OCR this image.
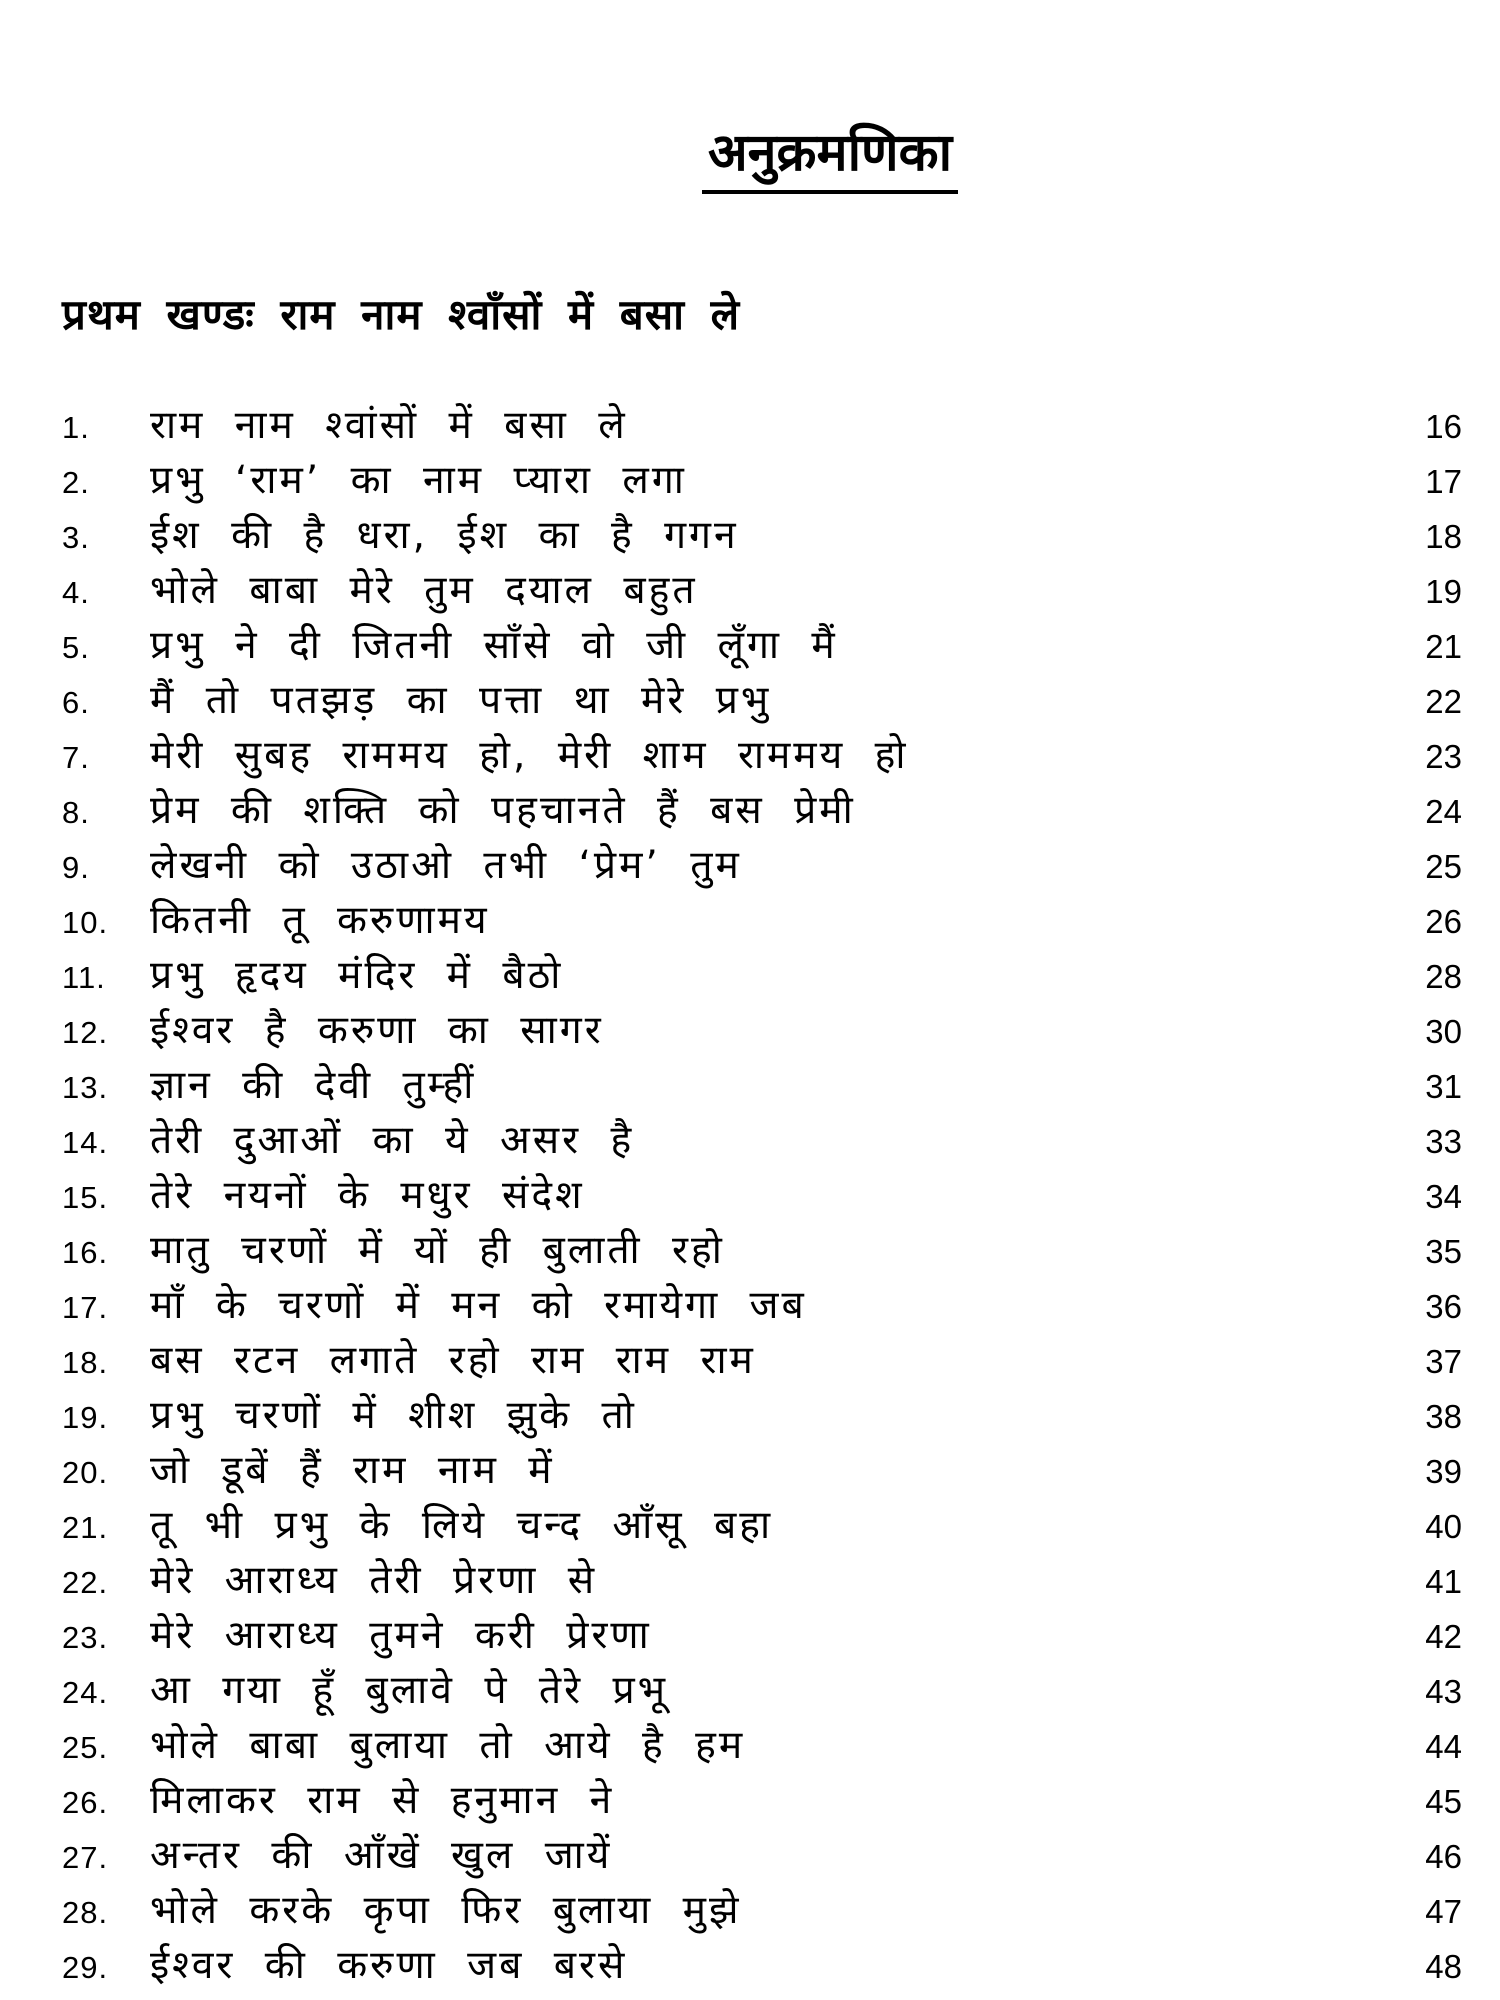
अनुक्रमणिका
प्रथम खण्डः राम नाम श्वाँसों में बसा ले
1.	राम नाम श्वांसों में बसा ले	16
2.	प्रभु ‘राम’ का नाम प्यारा लगा	17
3.	ईश की है धरा, ईश का है गगन	18
4.	भोले बाबा मेरे तुम दयाल बहुत	19
5.	प्रभु ने दी जितनी साँसे वो जी लूँगा मैं	21
6.	मैं तो पतझड़ का पत्ता था मेरे प्रभु	22
7.	मेरी सुबह राममय हो, मेरी शाम राममय हो	23
8.	प्रेम की शक्ति को पहचानते हैं बस प्रेमी	24
9.	लेखनी को उठाओ तभी ‘प्रेम’ तुम	25
10.	कितनी तू करुणामय	26
11.	प्रभु हृदय मंदिर में बैठो	28
12.	ईश्वर है करुणा का सागर	30
13.	ज्ञान की देवी तुम्हीं	31
14.	तेरी दुआओं का ये असर है	33
15.	तेरे नयनों के मधुर संदेश	34
16.	मातु चरणों में यों ही बुलाती रहो	35
17.	माँ के चरणों में मन को रमायेगा जब	36
18.	बस रटन लगाते रहो राम राम राम	37
19.	प्रभु चरणों में शीश झुके तो	38
20.	जो डूबें हैं राम नाम में	39
21.	तू भी प्रभु के लिये चन्द आँसू बहा	40
22.	मेरे आराध्य तेरी प्रेरणा से	41
23.	मेरे आराध्य तुमने करी प्रेरणा	42
24.	आ गया हूँ बुलावे पे तेरे प्रभू	43
25.	भोले बाबा बुलाया तो आये है हम	44
26.	मिलाकर राम से हनुमान ने	45
27.	अन्तर की आँखें खुल जायें	46
28.	भोले करके कृपा फिर बुलाया मुझे	47
29.	ईश्वर की करुणा जब बरसे	48
